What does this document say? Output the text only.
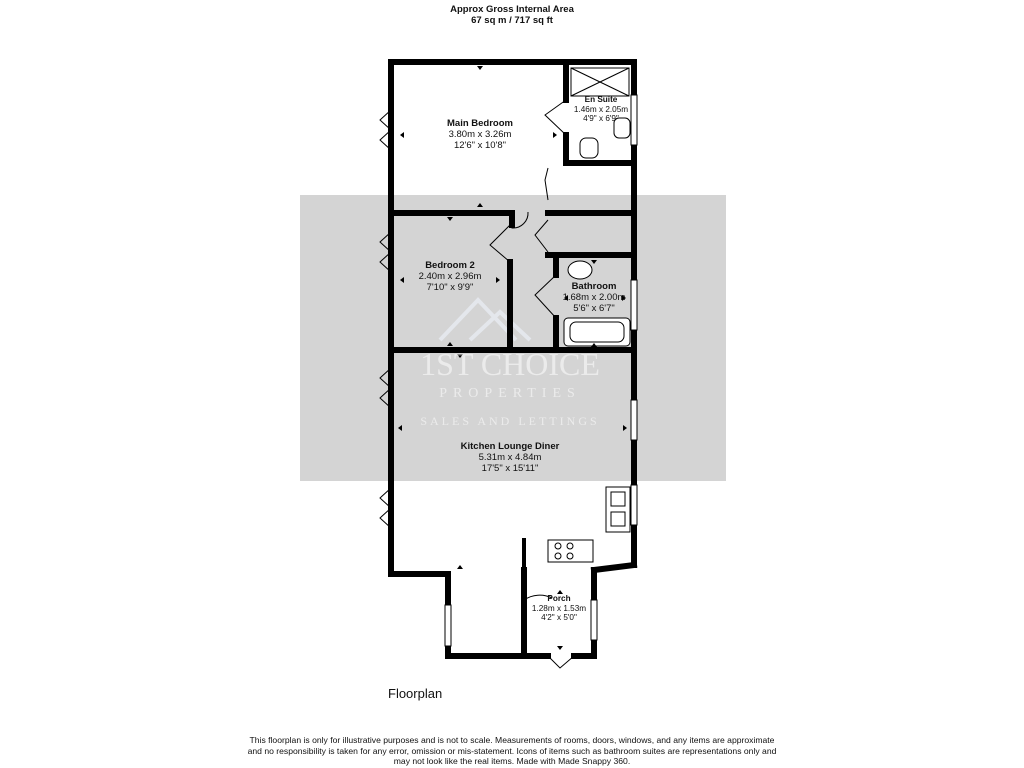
Approx Gross Internal Area
67 sq m / 717 sq ft
1ST CHOICE
PROPERTIES
SALES AND LETTINGS
Main Bedroom
3.80m x 3.26m
12'6" x 10'8"
En Suite
1.46m x 2.05m
4'9" x 6'9"
Bedroom 2
2.40m x 2.96m
7'10" x 9'9"	Bathroom
1.68m x 2.00m
5'6" x 6'7"
Kitchen Lounge Diner
5.31m x 4.84m
17'5" x 15'11"
Porch
1.28m x 1.53m
4'2" x 5'0"
Floorplan
This floorplan is only for illustrative purposes and is not to scale. Measurements of rooms, doors, windows, and any items are approximate
and no responsibility is taken for any error, omission or mis-statement. Icons of items such as bathroom suites are representations only and
may not look like the real items. Made with Made Snappy 360.
